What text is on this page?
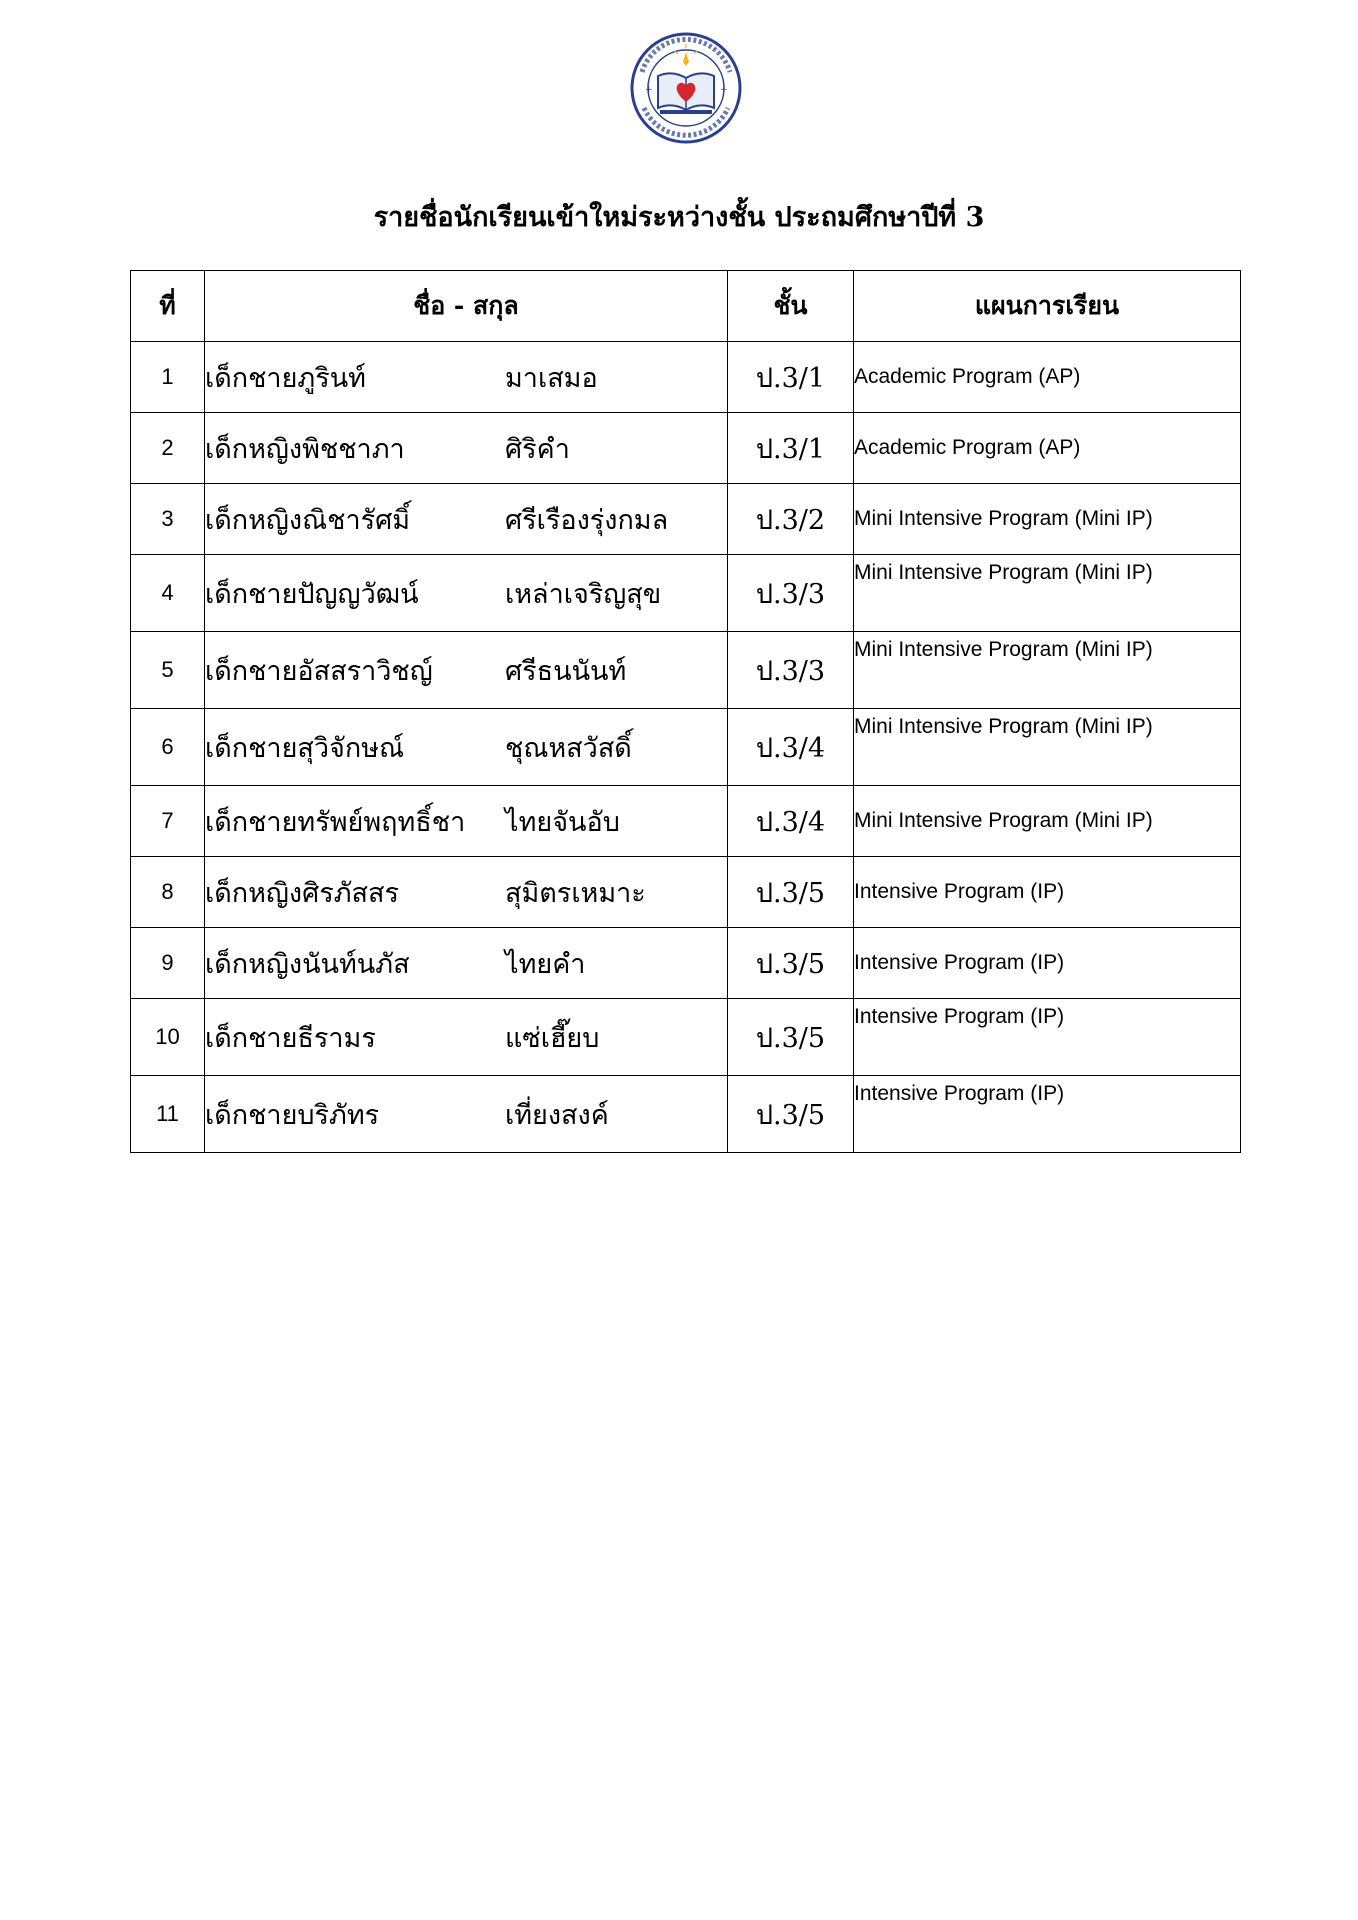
+	+
รายชื่อนักเรียนเข้าใหม่ระหว่างชั้น ประถมศึกษาปีที่ 3
ที่	ชื่อ - สกุล	ชั้น	แผนการเรียน
1	เด็กชายภูรินท์ มาเสมอ	ป.3/1	Academic Program (AP)
2	เด็กหญิงพิชชาภา ศิริคำ	ป.3/1	Academic Program (AP)
3	เด็กหญิงณิชารัศมิ์ ศรีเรืองรุ่งกมล	ป.3/2	Mini Intensive Program (Mini IP)
4	เด็กชายปัญญวัฒน์ เหล่าเจริญสุข	ป.3/3	Mini Intensive Program (Mini IP)
5	เด็กชายอัสสราวิชญ์ ศรีธนนันท์	ป.3/3	Mini Intensive Program (Mini IP)
6	เด็กชายสุวิจักษณ์ ชุณหสวัสดิ์	ป.3/4	Mini Intensive Program (Mini IP)
7	เด็กชายทรัพย์พฤทธิ์ชา ไทยจันอับ	ป.3/4	Mini Intensive Program (Mini IP)
8	เด็กหญิงศิรภัสสร สุมิตรเหมาะ	ป.3/5	Intensive Program (IP)
9	เด็กหญิงนันท์นภัส ไทยคำ	ป.3/5	Intensive Program (IP)
10	เด็กชายธีรามร แซ่เฮี๊ยบ	ป.3/5	Intensive Program (IP)
11	เด็กชายบริภัทร เที่ยงสงค์	ป.3/5	Intensive Program (IP)
